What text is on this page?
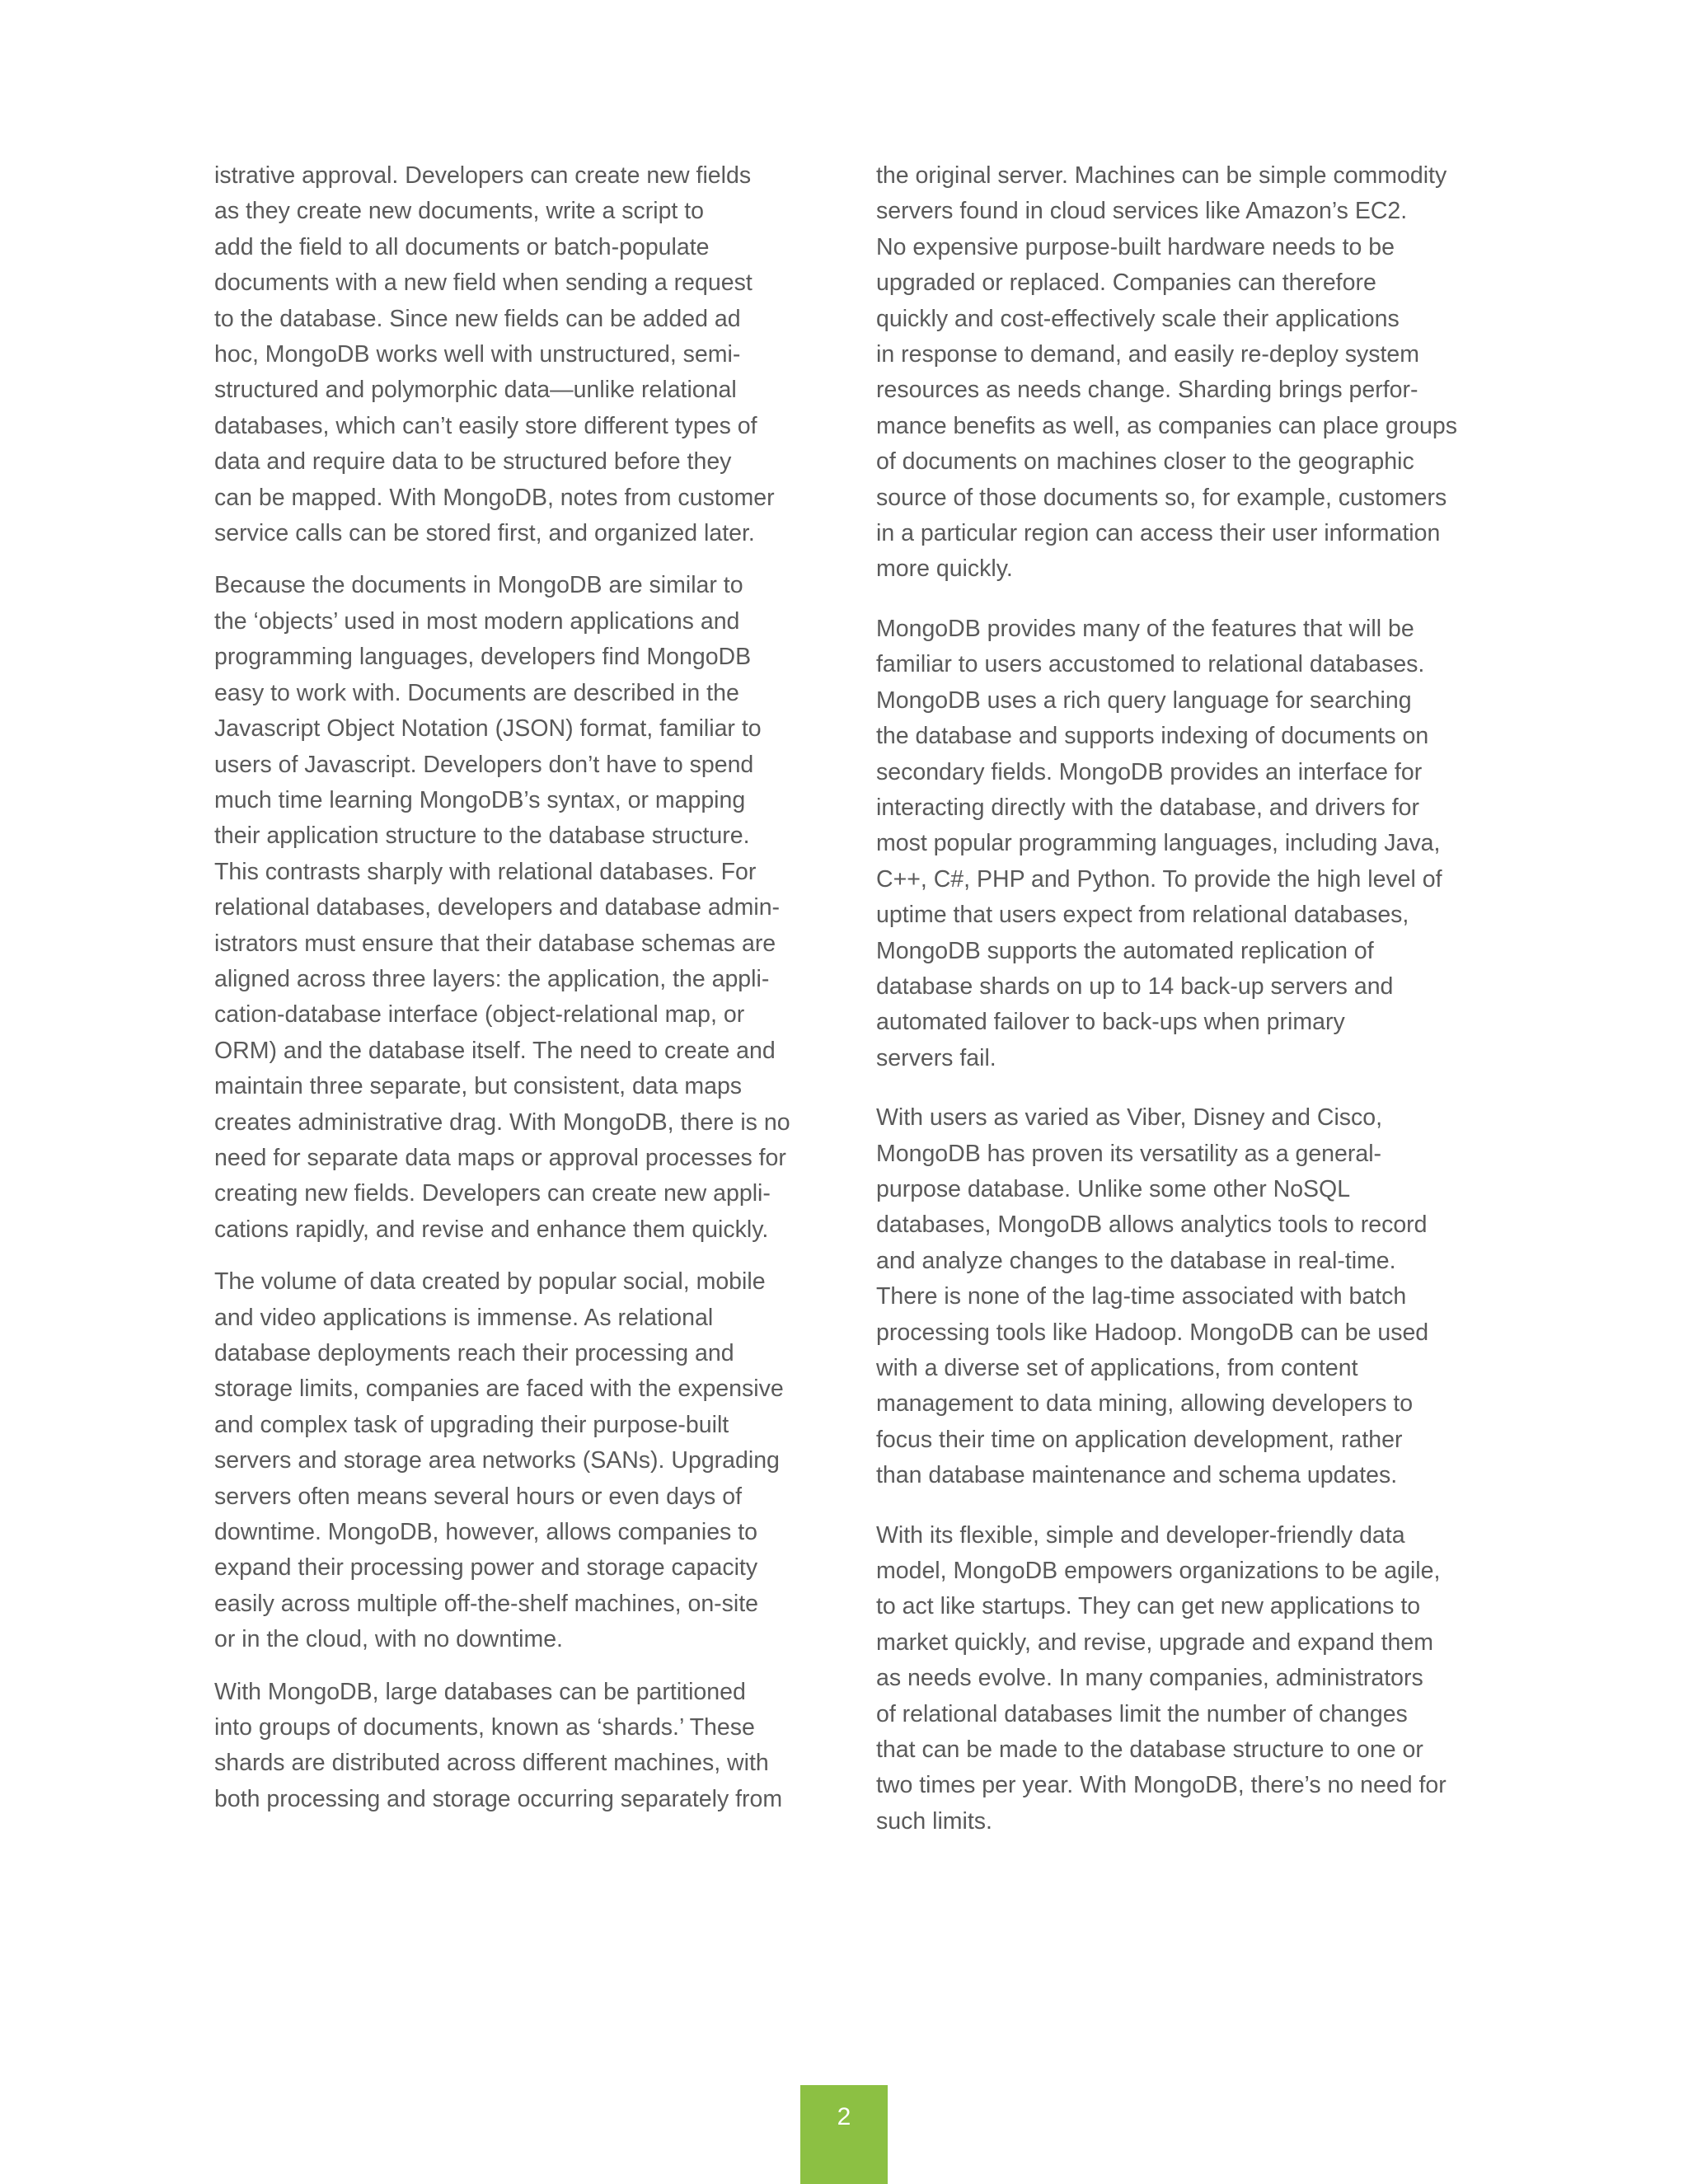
istrative approval. Developers can create new fields
as they create new documents, write a script to
add the field to all documents or batch-populate
documents with a new field when sending a request
to the database. Since new fields can be added ad
hoc, MongoDB works well with unstructured, semi-
structured and polymorphic data—unlike relational
databases, which can’t easily store different types of
data and require data to be structured before they
can be mapped. With MongoDB, notes from customer
service calls can be stored first, and organized later.

Because the documents in MongoDB are similar to
the ‘objects’ used in most modern applications and
programming languages, developers find MongoDB
easy to work with. Documents are described in the
Javascript Object Notation (JSON) format, familiar to
users of Javascript. Developers don’t have to spend
much time learning MongoDB’s syntax, or mapping
their application structure to the database structure.
This contrasts sharply with relational databases. For
relational databases, developers and database admin-
istrators must ensure that their database schemas are
aligned across three layers: the application, the appli-
cation-database interface (object-relational map, or
ORM) and the database itself. The need to create and
maintain three separate, but consistent, data maps
creates administrative drag. With MongoDB, there is no
need for separate data maps or approval processes for
creating new fields. Developers can create new appli-
cations rapidly, and revise and enhance them quickly.

The volume of data created by popular social, mobile
and video applications is immense. As relational
database deployments reach their processing and
storage limits, companies are faced with the expensive
and complex task of upgrading their purpose-built
servers and storage area networks (SANs). Upgrading
servers often means several hours or even days of
downtime. MongoDB, however, allows companies to
expand their processing power and storage capacity
easily across multiple off-the-shelf machines, on-site
or in the cloud, with no downtime.

With MongoDB, large databases can be partitioned
into groups of documents, known as ‘shards.’ These
shards are distributed across different machines, with
both processing and storage occurring separately from

the original server. Machines can be simple commodity
servers found in cloud services like Amazon’s EC2.
No expensive purpose-built hardware needs to be
upgraded or replaced. Companies can therefore
quickly and cost-effectively scale their applications
in response to demand, and easily re-deploy system
resources as needs change. Sharding brings perfor-
mance benefits as well, as companies can place groups
of documents on machines closer to the geographic
source of those documents so, for example, customers
in a particular region can access their user information
more quickly.

MongoDB provides many of the features that will be
familiar to users accustomed to relational databases.
MongoDB uses a rich query language for searching
the database and supports indexing of documents on
secondary fields. MongoDB provides an interface for
interacting directly with the database, and drivers for
most popular programming languages, including Java,
C++, C#, PHP and Python. To provide the high level of
uptime that users expect from relational databases,
MongoDB supports the automated replication of
database shards on up to 14 back-up servers and
automated failover to back-ups when primary
servers fail.

With users as varied as Viber, Disney and Cisco,
MongoDB has proven its versatility as a general-
purpose database. Unlike some other NoSQL
databases, MongoDB allows analytics tools to record
and analyze changes to the database in real-time.
There is none of the lag-time associated with batch
processing tools like Hadoop. MongoDB can be used
with a diverse set of applications, from content
management to data mining, allowing developers to
focus their time on application development, rather
than database maintenance and schema updates.

With its flexible, simple and developer-friendly data
model, MongoDB empowers organizations to be agile,
to act like startups. They can get new applications to
market quickly, and revise, upgrade and expand them
as needs evolve. In many companies, administrators
of relational databases limit the number of changes
that can be made to the database structure to one or
two times per year. With MongoDB, there’s no need for
such limits.

2
